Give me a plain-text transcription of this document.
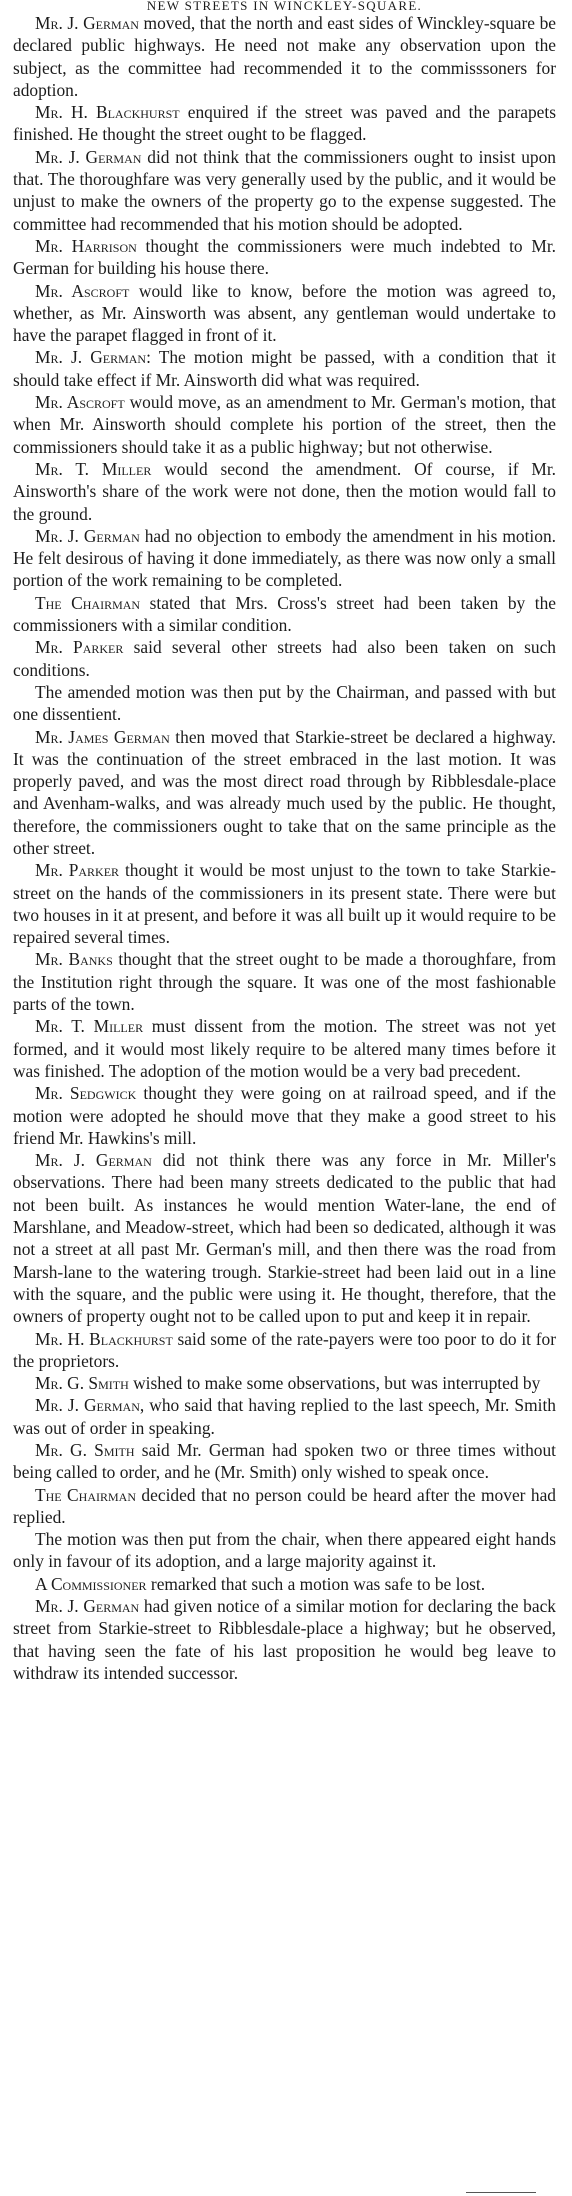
NEW STREETS IN WINCKLEY-SQUARE.

Mr. J. German moved, that the north and east sides of Winckley-square be declared public highways. He need not make any observation upon the subject, as the committee had recommended it to the commisssoners for adoption.

Mr. H. Blackhurst enquired if the street was paved and the parapets finished. He thought the street ought to be flagged.

Mr. J. German did not think that the commissioners ought to insist upon that. The thoroughfare was very generally used by the public, and it would be unjust to make the owners of the property go to the expense suggested. The committee had recommended that his motion should be adopted.

Mr. Harrison thought the commissioners were much indebted to Mr. German for building his house there.

Mr. Ascroft would like to know, before the motion was agreed to, whether, as Mr. Ainsworth was absent, any gentleman would undertake to have the parapet flagged in front of it.

Mr. J. German: The motion might be passed, with a condition that it should take effect if Mr. Ainsworth did what was required.

Mr. Ascroft would move, as an amendment to Mr. German's motion, that when Mr. Ainsworth should complete his portion of the street, then the commissioners should take it as a public highway; but not otherwise.

Mr. T. Miller would second the amendment. Of course, if Mr. Ainsworth's share of the work were not done, then the motion would fall to the ground.

Mr. J. German had no objection to embody the amendment in his motion. He felt desirous of having it done immediately, as there was now only a small portion of the work remaining to be completed.

The Chairman stated that Mrs. Cross's street had been taken by the commissioners with a similar condition.

Mr. Parker said several other streets had also been taken on such conditions.

The amended motion was then put by the Chairman, and passed with but one dissentient.

Mr. James German then moved that Starkie-street be declared a highway. It was the continuation of the street embraced in the last motion. It was properly paved, and was the most direct road through by Ribblesdale-place and Avenham-walks, and was already much used by the public. He thought, therefore, the commissioners ought to take that on the same principle as the other street.

Mr. Parker thought it would be most unjust to the town to take Starkie-street on the hands of the commissioners in its present state. There were but two houses in it at present, and before it was all built up it would require to be repaired several times.

Mr. Banks thought that the street ought to be made a thoroughfare, from the Institution right through the square. It was one of the most fashionable parts of the town.

Mr. T. Miller must dissent from the motion. The street was not yet formed, and it would most likely require to be altered many times before it was finished. The adoption of the motion would be a very bad precedent.

Mr. Sedgwick thought they were going on at railroad speed, and if the motion were adopted he should move that they make a good street to his friend Mr. Hawkins's mill.

Mr. J. German did not think there was any force in Mr. Miller's observations. There had been many streets dedicated to the public that had not been built. As instances he would mention Water-lane, the end of Marshlane, and Meadow-street, which had been so dedicated, although it was not a street at all past Mr. German's mill, and then there was the road from Marsh-lane to the watering trough. Starkie-street had been laid out in a line with the square, and the public were using it. He thought, therefore, that the owners of property ought not to be called upon to put and keep it in repair.

Mr. H. Blackhurst said some of the rate-payers were too poor to do it for the proprietors.

Mr. G. Smith wished to make some observations, but was interrupted by

Mr. J. German, who said that having replied to the last speech, Mr. Smith was out of order in speaking.

Mr. G. Smith said Mr. German had spoken two or three times without being called to order, and he (Mr. Smith) only wished to speak once.

The Chairman decided that no person could be heard after the mover had replied.

The motion was then put from the chair, when there appeared eight hands only in favour of its adoption, and a large majority against it.

A Commissioner remarked that such a motion was safe to be lost.

Mr. J. German had given notice of a similar motion for declaring the back street from Starkie-street to Ribblesdale-place a highway; but he observed, that having seen the fate of his last proposition he would beg leave to withdraw its intended successor.
